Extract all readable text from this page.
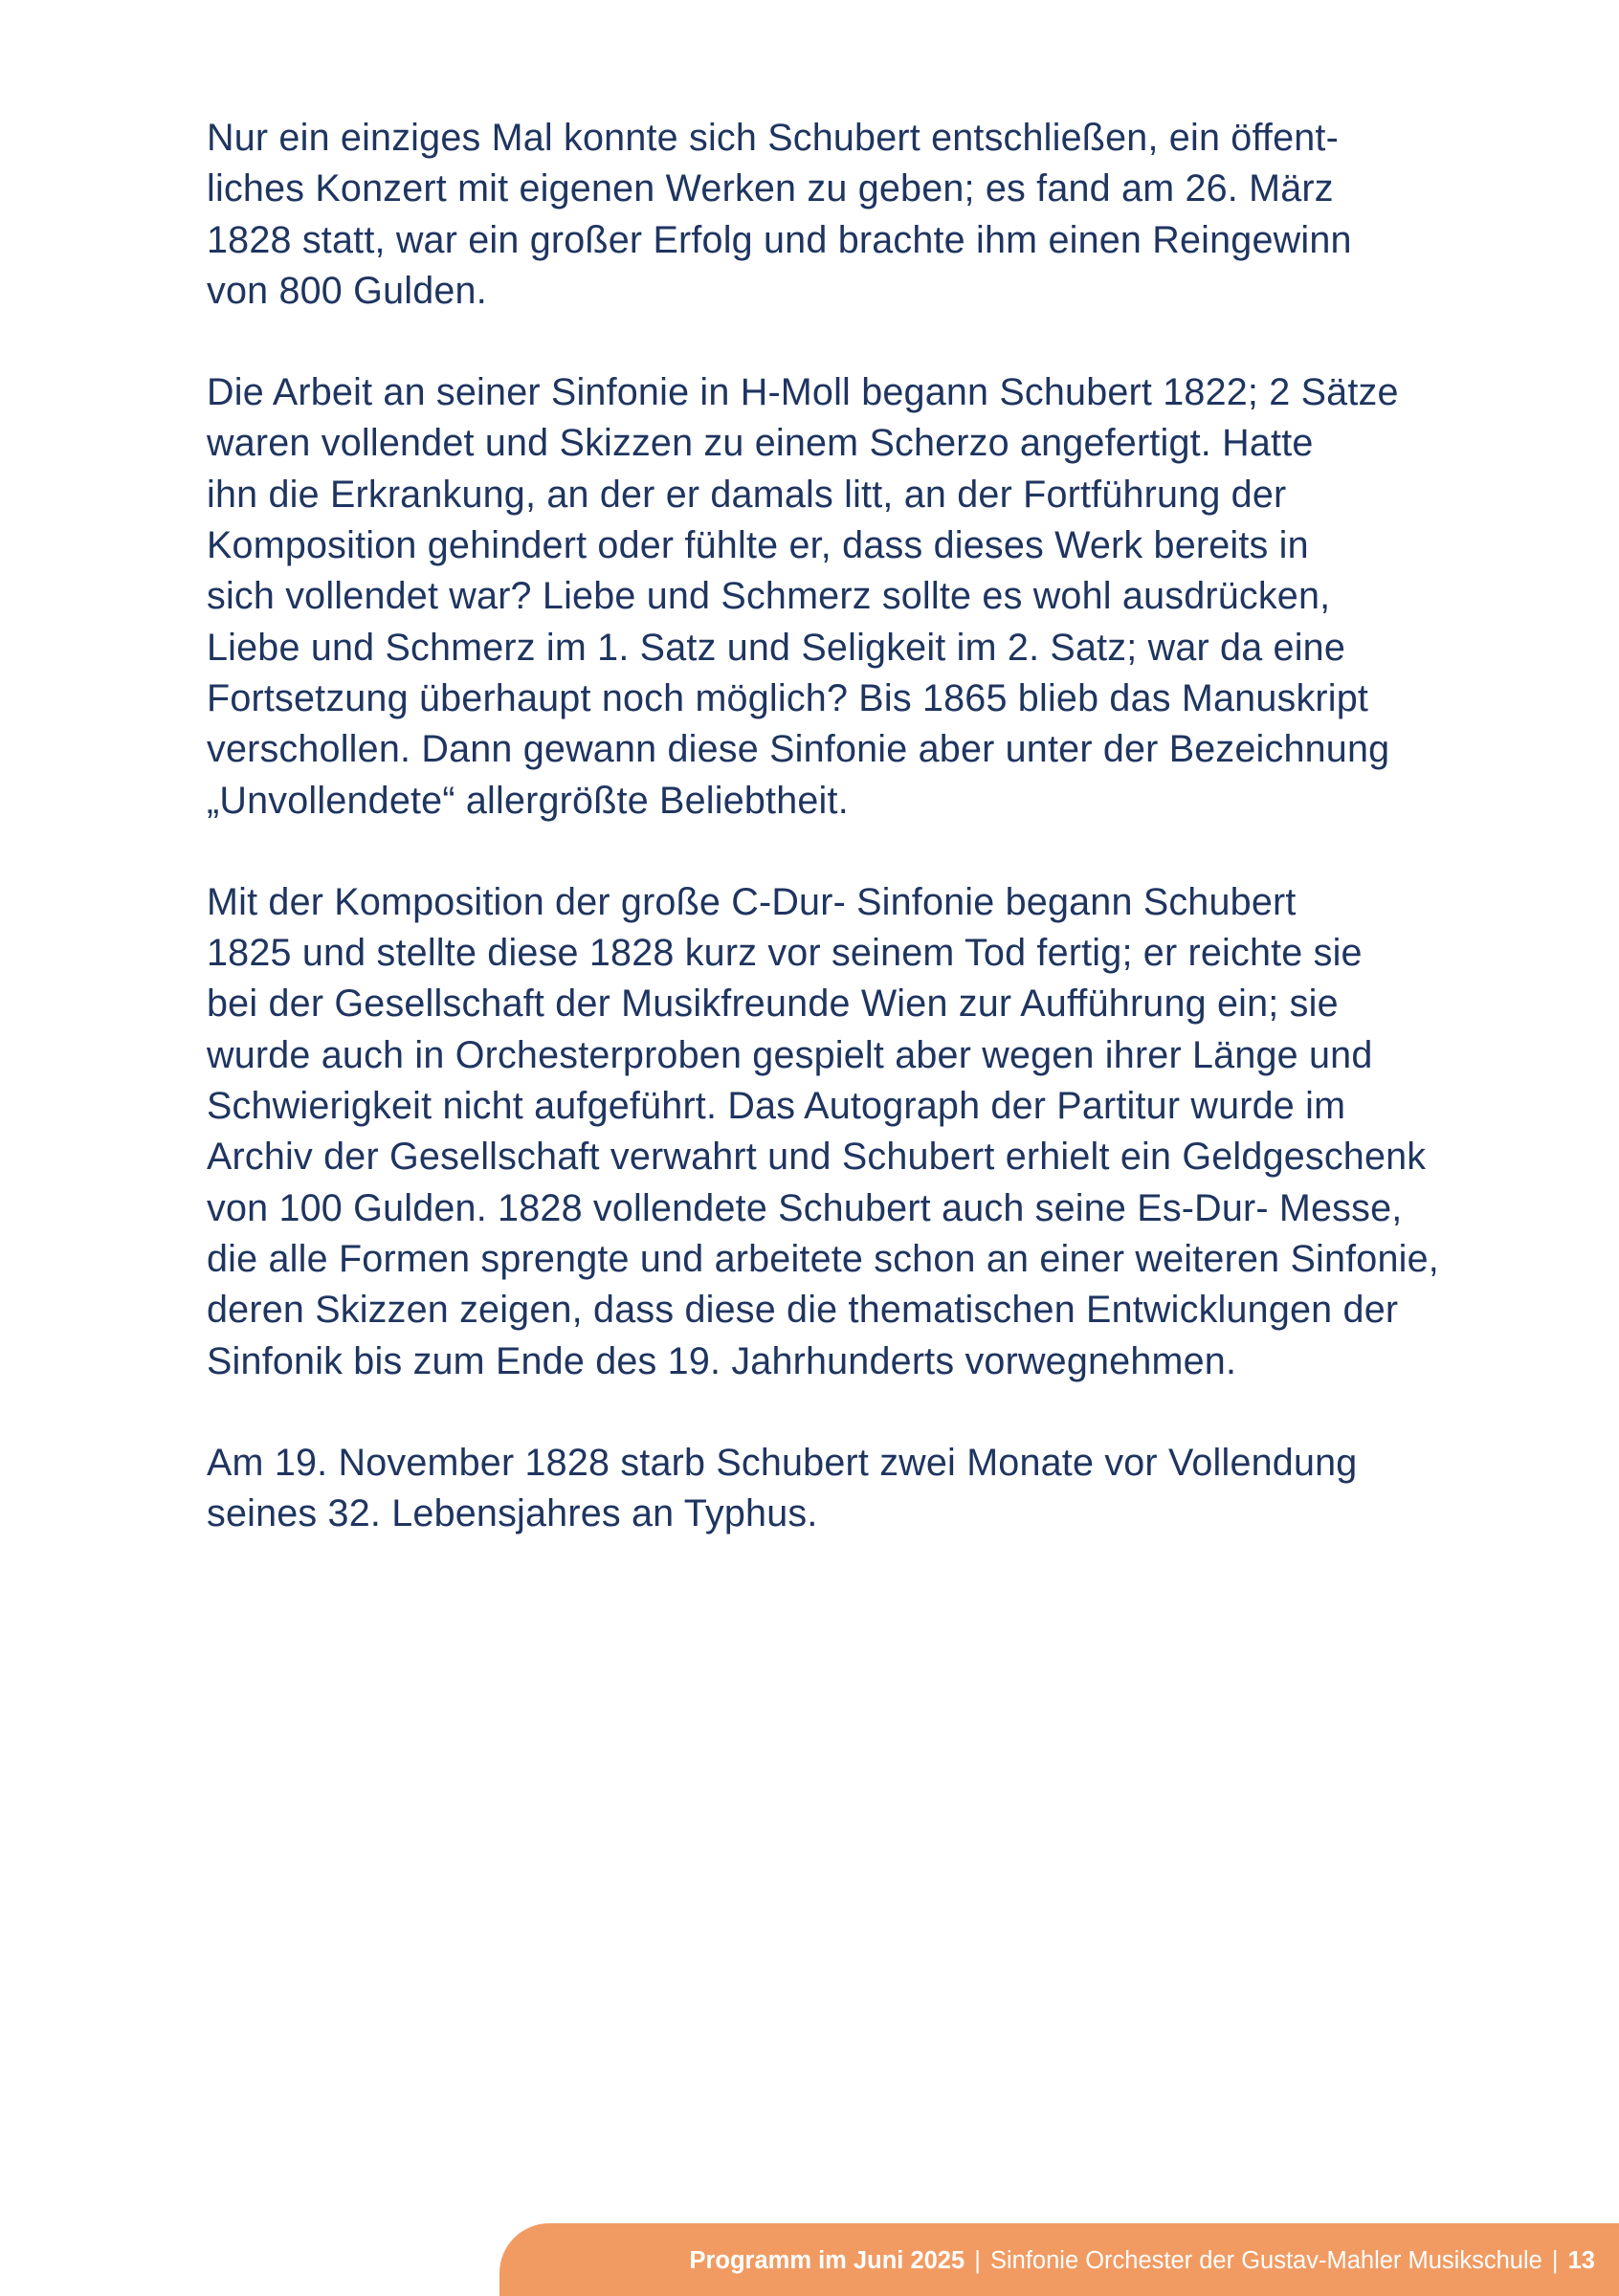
Nur ein einziges Mal konnte sich Schubert entschließen, ein öffent-
liches Konzert mit eigenen Werken zu geben; es fand am 26. März
1828 statt, war ein großer Erfolg und brachte ihm einen Reingewinn
von 800 Gulden.

Die Arbeit an seiner Sinfonie in H-Moll begann Schubert 1822; 2 Sätze
waren vollendet und Skizzen zu einem Scherzo angefertigt. Hatte
ihn die Erkrankung, an der er damals litt, an der Fortführung der
Komposition gehindert oder fühlte er, dass dieses Werk bereits in
sich vollendet war? Liebe und Schmerz sollte es wohl ausdrücken,
Liebe und Schmerz im 1. Satz und Seligkeit im 2. Satz; war da eine
Fortsetzung überhaupt noch möglich? Bis 1865 blieb das Manuskript
verschollen. Dann gewann diese Sinfonie aber unter der Bezeichnung
„Unvollendete“ allergrößte Beliebtheit.

Mit der Komposition der große C-Dur- Sinfonie begann Schubert
1825 und stellte diese 1828 kurz vor seinem Tod fertig; er reichte sie
bei der Gesellschaft der Musikfreunde Wien zur Aufführung ein; sie
wurde auch in Orchesterproben gespielt aber wegen ihrer Länge und
Schwierigkeit nicht aufgeführt. Das Autograph der Partitur wurde im
Archiv der Gesellschaft verwahrt und Schubert erhielt ein Geldgeschenk
von 100 Gulden. 1828 vollendete Schubert auch seine Es-Dur- Messe,
die alle Formen sprengte und arbeitete schon an einer weiteren Sinfonie,
deren Skizzen zeigen, dass diese die thematischen Entwicklungen der
Sinfonik bis zum Ende des 19. Jahrhunderts vorwegnehmen.

Am 19. November 1828 starb Schubert zwei Monate vor Vollendung
seines 32. Lebensjahres an Typhus.

Programm im Juni 2025 | Sinfonie Orchester der Gustav-Mahler Musikschule | 13
